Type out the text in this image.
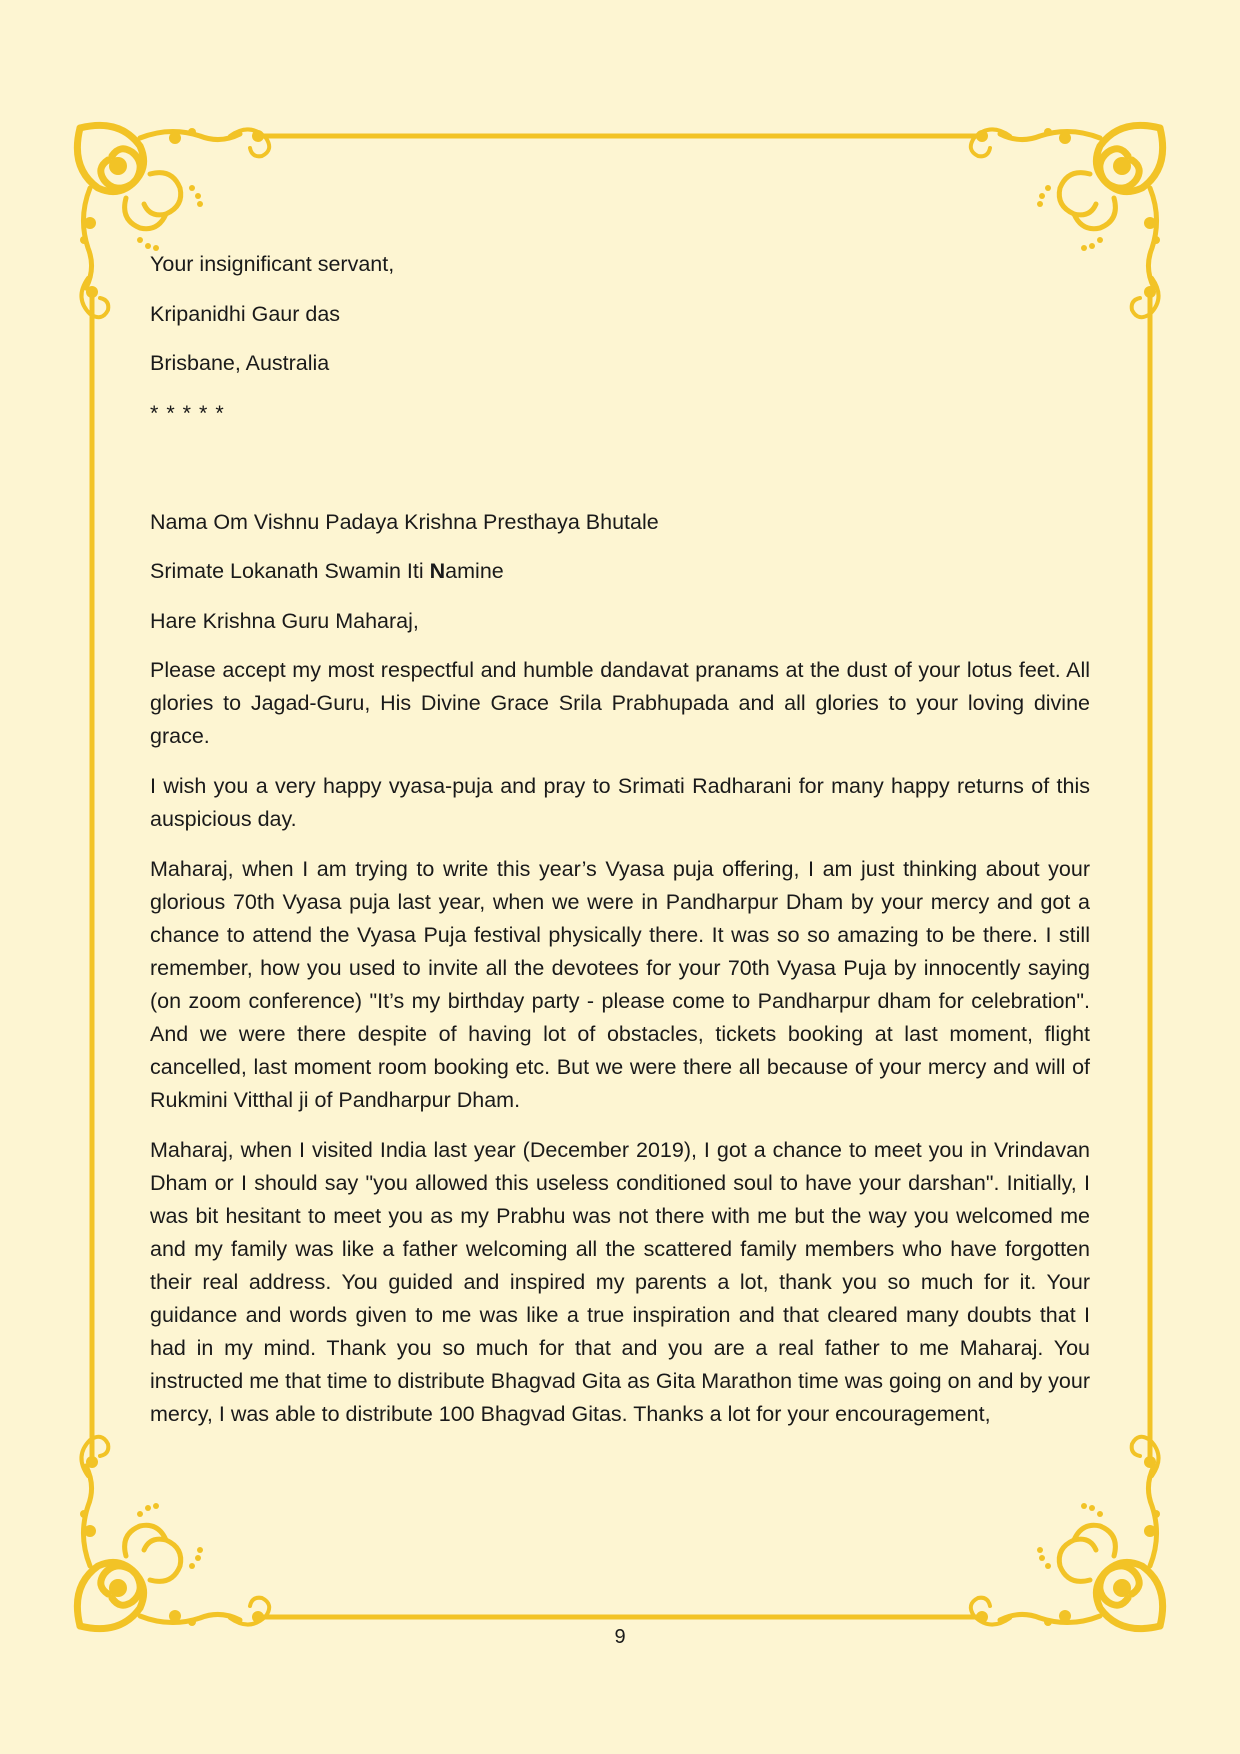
Your insignificant servant,

Kripanidhi Gaur das

Brisbane, Australia

* * * * *

Nama Om Vishnu Padaya Krishna Presthaya Bhutale

Srimate Lokanath Swamin Iti Namine

Hare Krishna Guru Maharaj,

Please accept my most respectful and humble dandavat pranams at the dust of your lotus feet. All glories to Jagad-Guru, His Divine Grace Srila Prabhupada and all glories to your loving divine grace.

I wish you a very happy vyasa-puja and pray to Srimati Radharani for many happy returns of this auspicious day.

Maharaj, when I am trying to write this year’s Vyasa puja offering, I am just thinking about your glorious 70th Vyasa puja last year, when we were in Pandharpur Dham by your mercy and got a chance to attend the Vyasa Puja festival physically there. It was so so amazing to be there. I still remember, how you used to invite all the devotees for your 70th Vyasa Puja by innocently saying (on zoom conference) "It’s my birthday party - please come to Pandharpur dham for celebration". And we were there despite of having lot of obstacles, tickets booking at last moment, flight cancelled, last moment room booking etc. But we were there all because of your mercy and will of Rukmini Vitthal ji of Pandharpur Dham.

Maharaj, when I visited India last year (December 2019), I got a chance to meet you in Vrindavan Dham or I should say "you allowed this useless conditioned soul to have your darshan". Initially, I was bit hesitant to meet you as my Prabhu was not there with me but the way you welcomed me and my family was like a father welcoming all the scattered family members who have forgotten their real address. You guided and inspired my parents a lot, thank you so much for it. Your guidance and words given to me was like a true inspiration and that cleared many doubts that I had in my mind. Thank you so much for that and you are a real father to me Maharaj. You instructed me that time to distribute Bhagvad Gita as Gita Marathon time was going on and by your mercy, I was able to distribute 100 Bhagvad Gitas. Thanks a lot for your encouragement,

9
